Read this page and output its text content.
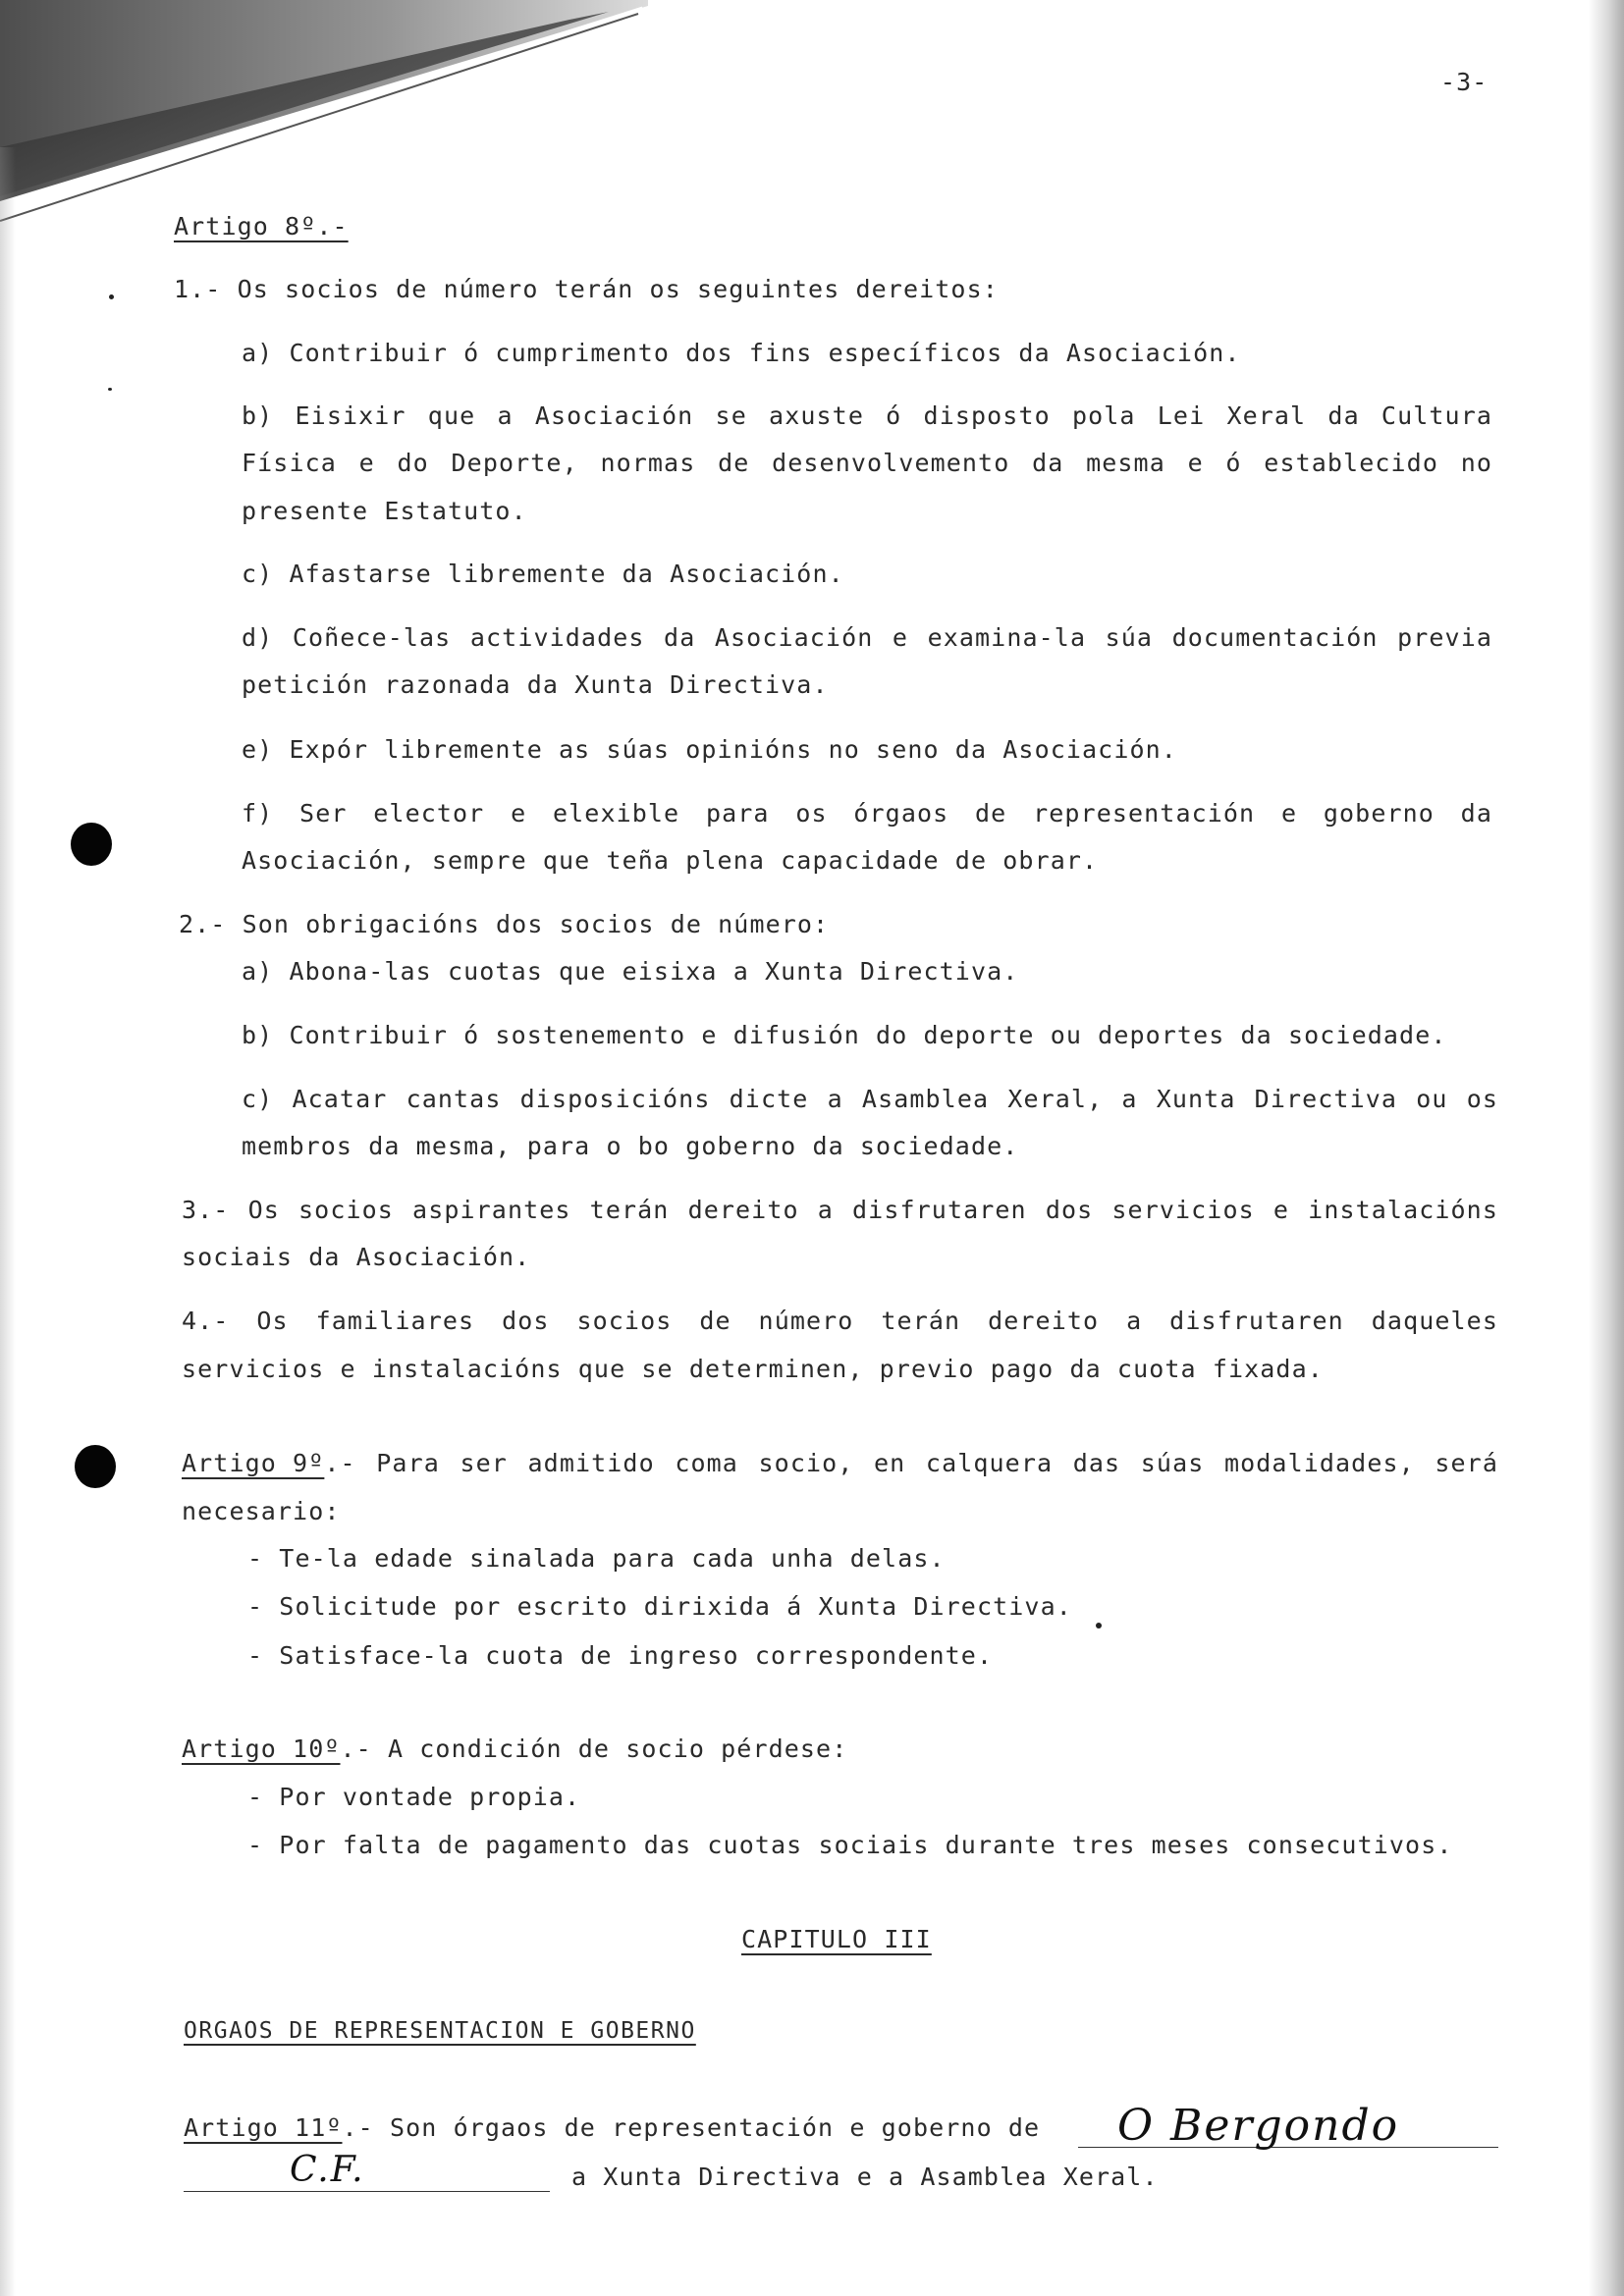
-3-
Artigo 8º.-
1.- Os socios de número terán os seguintes dereitos:
a) Contribuir ó cumprimento dos fins específicos da Asociación.
b) Eisixir que a Asociación se axuste ó disposto pola Lei Xeral da Cultura
Física e do Deporte, normas de desenvolvemento da mesma e ó establecido no
presente Estatuto.
c) Afastarse libremente da Asociación.
d) Coñece-las actividades da Asociación e examina-la súa documentación previa
petición razonada da Xunta Directiva.
e) Expór libremente as súas opinións no seno da Asociación.
f) Ser elector e elexible para os órgaos de representación e goberno da
Asociación, sempre que teña plena capacidade de obrar.
2.- Son obrigacións dos socios de número:
a) Abona-las cuotas que eisixa a Xunta Directiva.
b) Contribuir ó sostenemento e difusión do deporte ou deportes da sociedade.
c) Acatar cantas disposicións dicte a Asamblea Xeral, a Xunta Directiva ou os
membros da mesma, para o bo goberno da sociedade.
3.- Os socios aspirantes terán dereito a disfrutaren dos servicios e instalacións
sociais da Asociación.
4.- Os familiares dos socios de número terán dereito a disfrutaren daqueles
servicios e instalacións que se determinen, previo pago da cuota fixada.
Artigo 9º .- Para ser admitido coma socio, en calquera das súas modalidades, será
necesario:
- Te-la edade sinalada para cada unha delas.
- Solicitude por escrito dirixida á Xunta Directiva.
- Satisface-la cuota de ingreso correspondente.
Artigo 10º.- A condición de socio pérdese:
- Por vontade propia.
- Por falta de pagamento das cuotas sociais durante tres meses consecutivos.
CAPITULO III
ORGAOS DE REPRESENTACION E GOBERNO
Artigo 11º.- Son órgaos de representación e goberno de O Bergondo
C.F.	a Xunta Directiva e a Asamblea Xeral.
